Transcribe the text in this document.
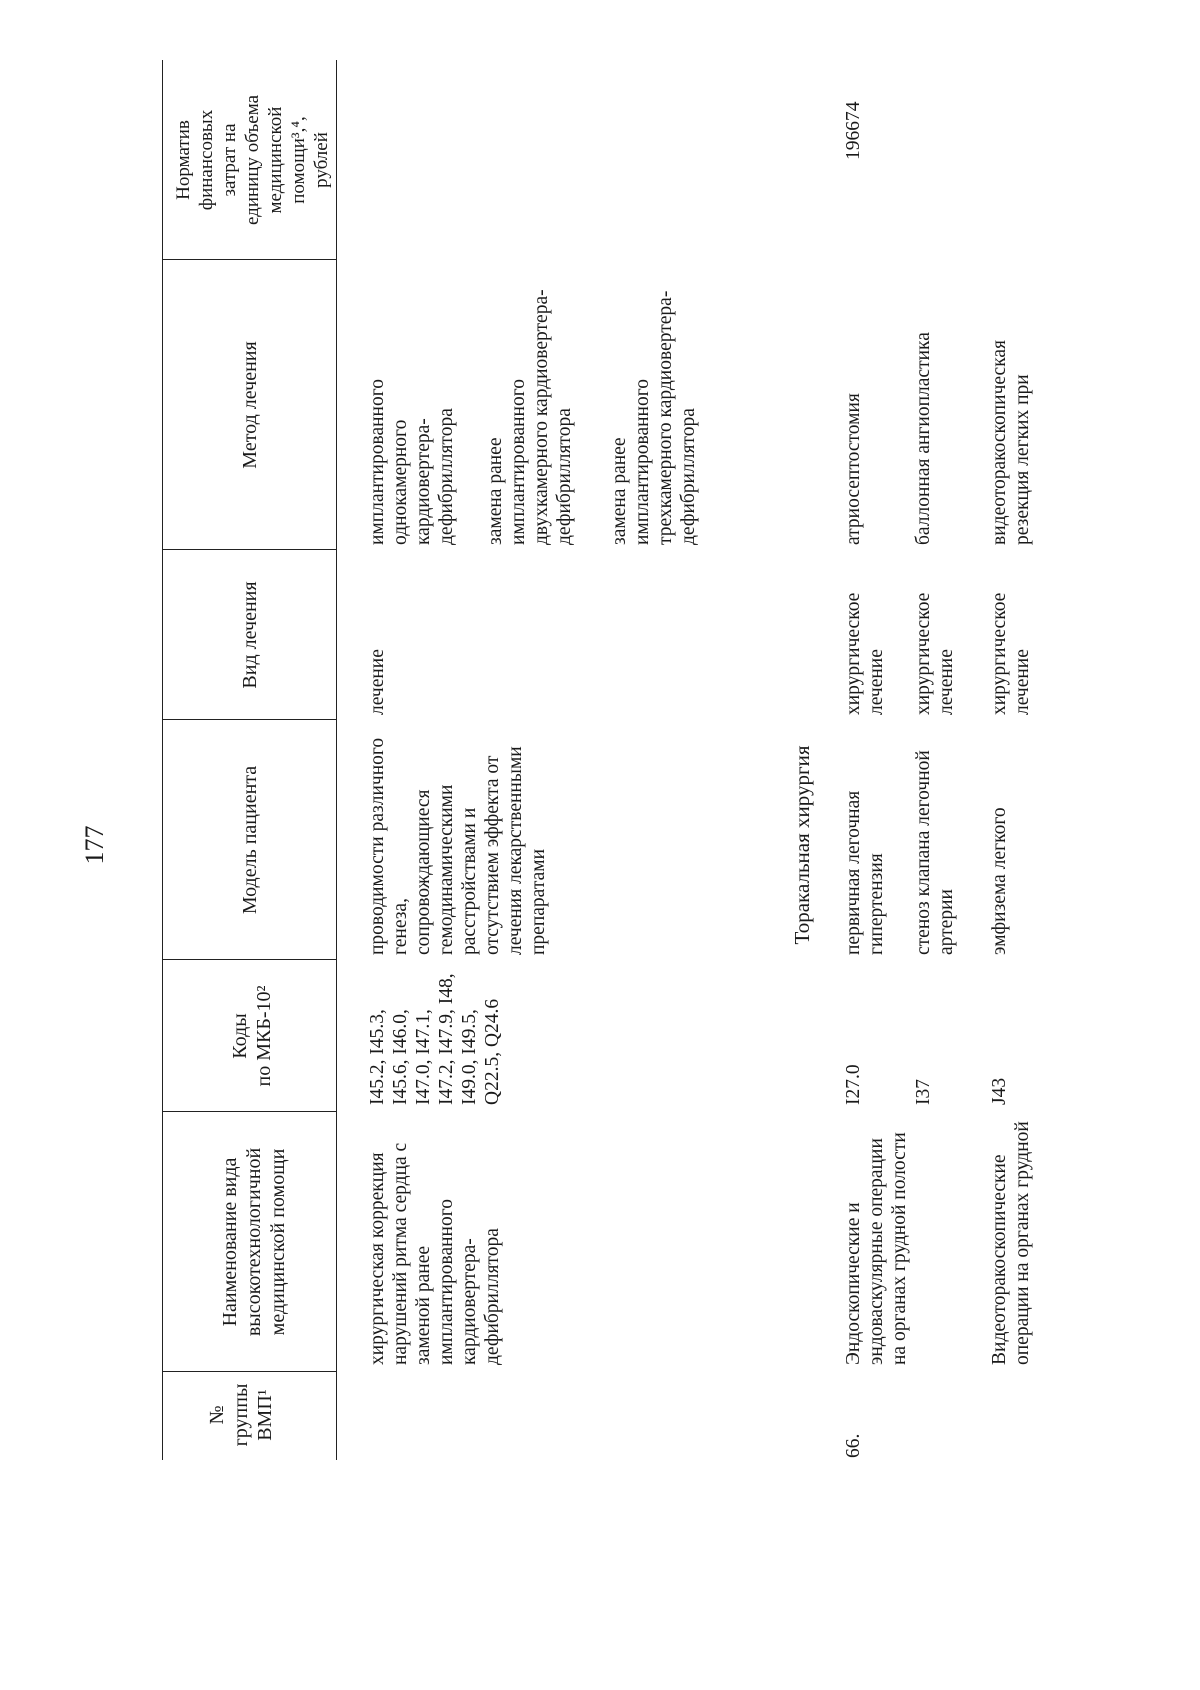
177
№
группы
ВМП¹
Наименование вида
высокотехнологичной
медицинской помощи
Коды
по МКБ-10²
Модель пациента
Вид лечения
Метод лечения
Норматив
финансовых
затрат на
единицу объема
медицинской
помощи³,⁴,
рублей
хирургическая коррекция
нарушений ритма сердца с
заменой ранее
имплантированного
кардиовертера-
дефибриллятора
I45.2, I45.3,
I45.6, I46.0,
I47.0, I47.1,
I47.2, I47.9, I48,
I49.0, I49.5,
Q22.5, Q24.6
проводимости различного
генеза,
сопровождающиеся
гемодинамическими
расстройствами и
отсутствием эффекта от
лечения лекарственными
препаратами
лечение
имплантированного
однокамерного
кардиовертера-
дефибриллятора замена ранее
имплантированного
двухкамерного кардиовертера-
дефибриллятора замена ранее
имплантированного
трехкамерного кардиовертера-
дефибриллятора
Торакальная хирургия
66.
Эндоскопические и
эндоваскулярные операции
на органах грудной полости
I27.0
первичная легочная
гипертензия
хирургическое
лечение
атриосептостомия
196674
I37
стеноз клапана легочной
артерии
хирургическое
лечение
баллонная ангиопластика
Видеоторакоскопические
операции на органах грудной
J43
эмфизема легкого
хирургическое
лечение
видеоторакоскопическая
резекция легких при
